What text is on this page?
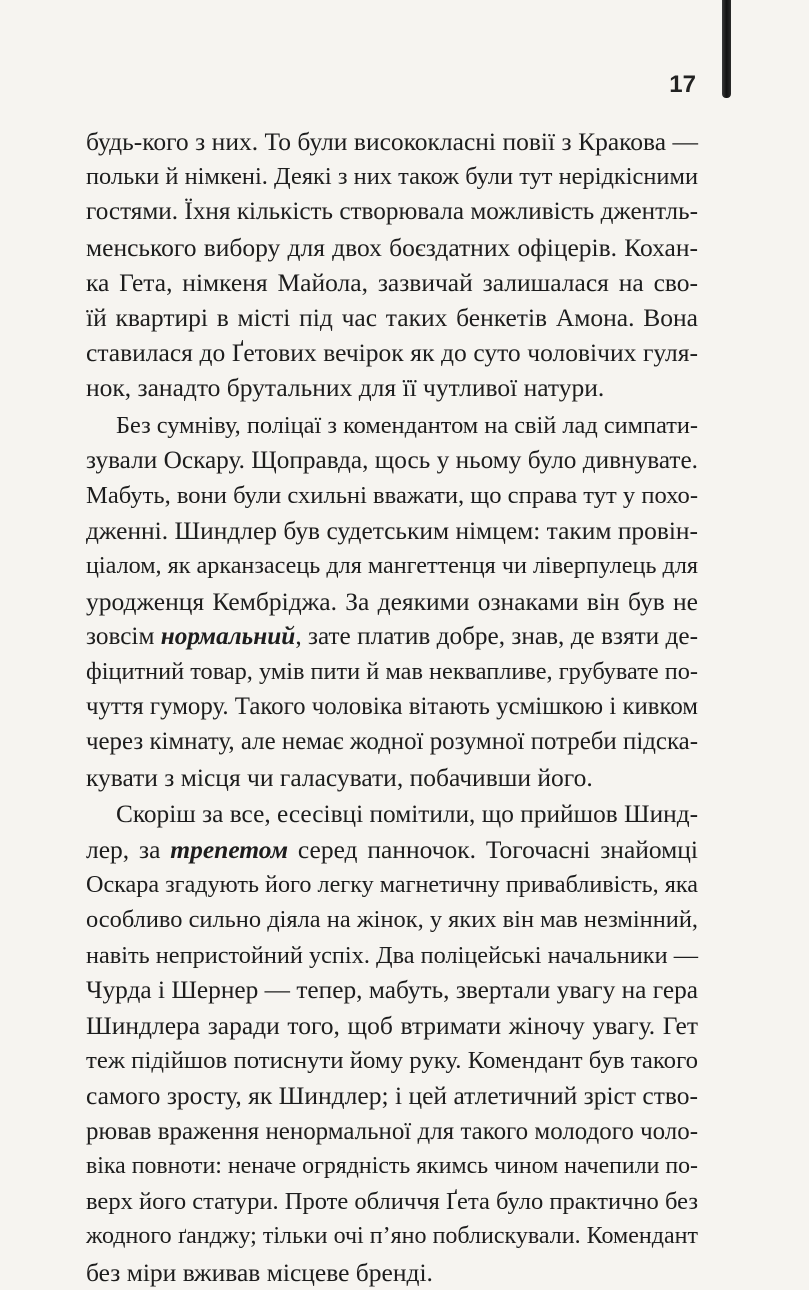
17

будь-кого з них. То були висококласні повії з Кракова —
польки й німкені. Деякі з них також були тут нерідкісними
гостями. Їхня кількість створювала можливість джентль-
менського вибору для двох боєздатних офіцерів. Кохан-
ка Гета, німкеня Майола, зазвичай залишалася на сво-
їй квартирі в місті під час таких бенкетів Амона. Вона
ставилася до Ґетових вечірок як до суто чоловічих гуля-
нок, занадто брутальних для її чутливої натури.

Без сумніву, поліцаї з комендантом на свій лад симпати-
зували Оскару. Щоправда, щось у ньому було дивнувате.
Мабуть, вони були схильні вважати, що справа тут у похо-
дженні. Шиндлер був судетським німцем: таким провін-
ціалом, як арканзасець для мангеттенця чи ліверпулець для
уродженця Кембріджа. За деякими ознаками він був не
зовсім нормальний, зате платив добре, знав, де взяти де-
фіцитний товар, умів пити й мав неквапливе, грубувате по-
чуття гумору. Такого чоловіка вітають усмішкою і кивком
через кімнату, але немає жодної розумної потреби підска-
кувати з місця чи галасувати, побачивши його.

Скоріш за все, есесівці помітили, що прийшов Шинд-
лер, за трепетом серед панночок. Тогочасні знайомці
Оскара згадують його легку магнетичну привабливість, яка
особливо сильно діяла на жінок, у яких він мав незмінний,
навіть непристойний успіх. Два поліцейські начальники —
Чурда і Шернер — тепер, мабуть, звертали увагу на гера
Шиндлера заради того, щоб втримати жіночу увагу. Гет
теж підійшов потиснути йому руку. Комендант був такого
самого зросту, як Шиндлер; і цей атлетичний зріст ство-
рював враження ненормальної для такого молодого чоло-
віка повноти: неначе огрядність якимсь чином начепили по-
верх його статури. Проте обличчя Ґета було практично без
жодного ґанджу; тільки очі п’яно поблискували. Комендант
без міри вживав місцеве бренді.
